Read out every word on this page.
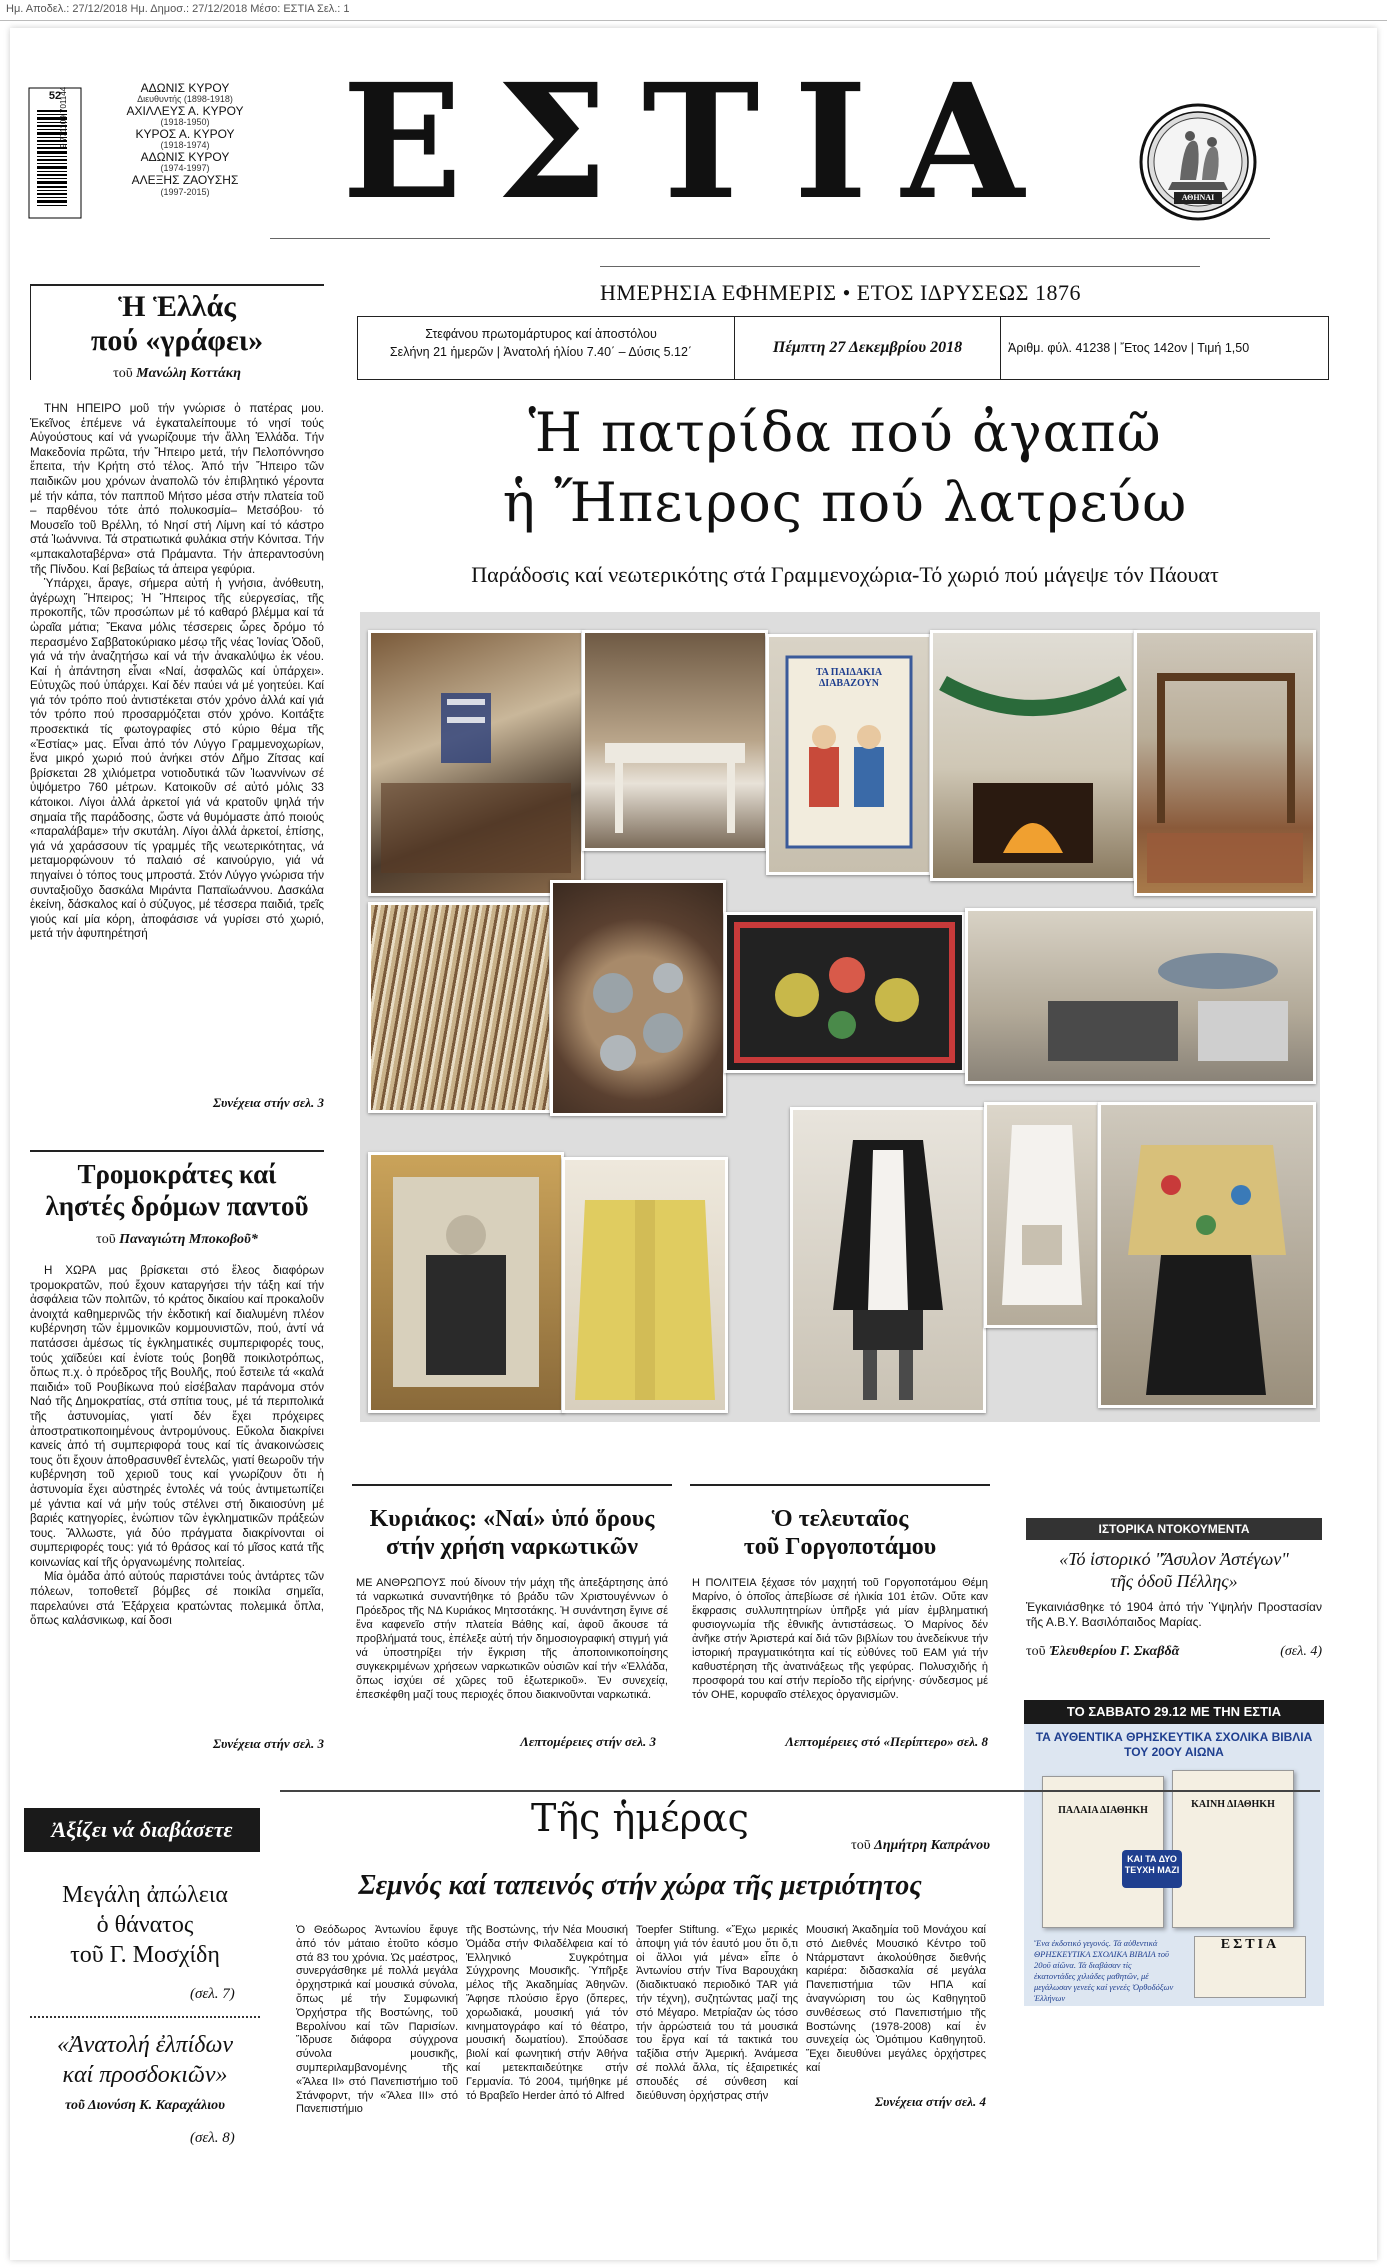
Ημ. Αποδελ.: 27/12/2018 Ημ. Δημοσ.: 27/12/2018 Μέσο: ΕΣΤΙΑ Σελ.: 1
52
9 771109 701144	ΑΔΩΝΙΣ ΚΥΡΟΥ
Διευθυντής (1898-1918)
ΑΧΙΛΛΕΥΣ Α. ΚΥΡΟΥ
(1918-1950)
ΚΥΡΟΣ Α. ΚΥΡΟΥ
(1918-1974)
ΑΔΩΝΙΣ ΚΥΡΟΥ
(1974-1997)
ΑΛΕΞΗΣ ΖΑΟΥΣΗΣ
(1997-2015) ΕΣΤΙΑ	ΑΘΗΝΑΙ
ΗΜΕΡΗΣΙΑ ΕΦΗΜΕΡΙΣ • ΕΤΟΣ ΙΔΡΥΣΕΩΣ 1876
Στεφάνου πρωτομάρτυρος καί ἀποστόλου
Σελήνη 21 ἡμερῶν | Ἀνατολή ἡλίου 7.40΄ – Δύσις 5.12΄	Πέμπτη 27 Δεκεμβρίου 2018	Ἀριθμ. φύλ. 41238 | Ἔτος 142ον | Τιμή 1,50
Ἡ πατρίδα πού ἀγαπῶ
ἡ Ἤπειρος πού λατρεύω
Παράδοσις καί νεωτερικότης στά Γραμμενοχώρια-Τό χωριό πού μάγεψε τόν Πάουατ
ΤΑ ΠΑΙΔΑΚΙΑ ΔΙΑΒΑΖΟΥΝ
Ἡ Ἑλλάς
πού «γράφει»
τοῦ Μανώλη Κοττάκη

ΤΗΝ ΗΠΕΙΡΟ μοῦ τήν γνώρισε ὁ πατέρας μου. Ἐκεῖνος ἐπέμενε νά ἐγκαταλείπουμε τό νησί τούς Αὐγούστους καί νά γνωρίζουμε τήν ἄλλη Ἑλλάδα. Τήν Μακεδονία πρῶτα, τήν Ἤπειρο μετά, τήν Πελοπόννησο ἔπειτα, τήν Κρήτη στό τέλος. Ἀπό τήν Ἤπειρο τῶν παιδικῶν μου χρόνων ἀναπολῶ τόν ἐπιβλητικό γέροντα μέ τήν κάπα, τόν παπποῦ Μήτσο μέσα στήν πλατεία τοῦ – παρθένου τότε ἀπό πολυκοσμία– Μετσόβου· τό Μουσεῖο τοῦ Βρέλλη, τό Νησί στή Λίμνη καί τό κάστρο στά Ἰωάννινα. Τά στρατιωτικά φυλάκια στήν Κόνιτσα. Τήν «μπακαλοταβέρνα» στά Πράμαντα. Τήν ἀπεραντοσύνη τῆς Πίνδου. Καί βεβαίως τά ἀπειρα γεφύρια.

Ὑπάρχει, ἄραγε, σήμερα αὐτή ἡ γνήσια, ἀνόθευτη, ἀγέρωχη Ἤπειρος; Ἡ Ἤπειρος τῆς εὐεργεσίας, τῆς προκοπῆς, τῶν προσώπων μέ τό καθαρό βλέμμα καί τά ὡραῖα μάτια; Ἔκανα μόλις τέσσερεις ὧρες δρόμο τό περασμένο Σαββατοκύριακο μέσῳ τῆς νέας Ἰονίας Ὁδοῦ, γιά νά τήν ἀναζητήσω καί νά τήν ἀνακαλύψω ἐκ νέου. Καί ἡ ἀπάντηση εἶναι «Ναί, ἀσφαλῶς καί ὑπάρχει». Εὐτυχῶς πού ὑπάρχει. Καί δέν παύει νά μέ γοητεύει. Καί γιά τόν τρόπο πού ἀντιστέκεται στόν χρόνο ἀλλά καί γιά τόν τρόπο πού προσαρμόζεται στόν χρόνο. Κοιτάξτε προσεκτικά τίς φωτογραφίες στό κύριο θέμα τῆς «Ἑστίας» μας. Εἶναι ἀπό τόν Λύγγο Γραμμενοχωρίων, ἕνα μικρό χωριό πού ἀνήκει στόν Δῆμο Ζίτσας καί βρίσκεται 28 χιλιόμετρα νοτιοδυτικά τῶν Ἰωαννίνων σέ ὑψόμετρο 760 μέτρων. Κατοικοῦν σέ αὐτό μόλις 33 κάτοικοι. Λίγοι ἀλλά ἀρκετοί γιά νά κρατοῦν ψηλά τήν σημαία τῆς παράδοσης, ὥστε νά θυμόμαστε ἀπό ποιούς «παραλάβαμε» τήν σκυτάλη. Λίγοι ἀλλά ἀρκετοί, ἐπίσης, γιά νά χαράσσουν τίς γραμμές τῆς νεωτερικότητας, νά μεταμορφώνουν τό παλαιό σέ καινούργιο, γιά νά πηγαίνει ὁ τόπος τους μπροστά. Στόν Λύγγο γνώρισα τήν συνταξιοῦχο δασκάλα Μιράντα Παπαϊωάννου. Δασκάλα ἐκείνη, δάσκαλος καί ὁ σύζυγος, μέ τέσσερα παιδιά, τρεῖς γιούς καί μία κόρη, ἀποφάσισε νά γυρίσει στό χωριό, μετά τήν ἀφυπηρέτησή

Συνέχεια στήν σελ. 3
Τρομοκράτες καί
ληστές δρόμων παντοῦ
τοῦ Παναγιώτη Μποκοβοῦ*

Η ΧΩΡΑ μας βρίσκεται στό ἔλεος διαφόρων τρομοκρατῶν, πού ἔχουν καταργήσει τήν τάξη καί τήν ἀσφάλεια τῶν πολιτῶν, τό κράτος δικαίου καί προκαλοῦν ἀνοιχτά καθημερινῶς τήν ἐκδοτική καί διαλυμένη πλέον κυβέρνηση τῶν ἐμμονικῶν κομμουνιστῶν, πού, ἀντί νά πατάσσει ἀμέσως τίς ἐγκληματικές συμπεριφορές τους, τούς χαϊδεύει καί ἐνίοτε τούς βοηθᾶ ποικιλοτρόπως, ὅπως π.χ. ὁ πρόεδρος τῆς Βουλῆς, πού ἔστειλε τά «καλά παιδιά» τοῦ Ρουβίκωνα πού εἰσέβαλαν παράνομα στόν Ναό τῆς Δημοκρατίας, στά σπίτια τους, μέ τά περιπολικά τῆς ἀστυνομίας, γιατί δέν ἔχει πρόχειρες ἀποστρατικοποιημένους ἀντρομύνους. Εὔκολα διακρίνει κανείς ἀπό τή συμπεριφορά τους καί τίς ἀνακοινώσεις τους ὅτι ἔχουν ἀποθρασυνθεῖ ἐντελῶς, γιατί θεωροῦν τήν κυβέρνηση τοῦ χεριοῦ τους καί γνωρίζουν ὅτι ἡ ἀστυνομία ἔχει αὐστηρές ἐντολές νά τούς ἀντιμετωπίζει μέ γάντια καί νά μήν τούς στέλνει στή δικαιοσύνη μέ βαριές κατηγορίες, ἐνώπιον τῶν ἐγκληματικῶν πράξεών τους. Ἄλλωστε, γιά δύο πράγματα διακρίνονται οἱ συμπεριφορές τους: γιά τό θράσος καί τό μῖσος κατά τῆς κοινωνίας καί τῆς ὀργανωμένης πολιτείας.

Μία ὁμάδα ἀπό αὐτούς παριστάνει τούς ἀντάρτες τῶν πόλεων, τοποθετεῖ βόμβες σέ ποικίλα σημεῖα, παρελαύνει στά Ἐξάρχεια κρατώντας πολεμικά ὅπλα, ὅπως καλάσνικωφ, καί δοσι

Συνέχεια στήν σελ. 3
Κυριάκος: «Ναί» ὑπό ὅρους στήν χρήση ναρκωτικῶν
ΜΕ ΑΝΘΡΩΠΟΥΣ πού δίνουν τήν μάχη τῆς ἀπεξάρτησης ἀπό τά ναρκωτικά συναντήθηκε τό βράδυ τῶν Χριστουγέννων ὁ Πρόεδρος τῆς ΝΔ Κυριάκος Μητσοτάκης. Ἡ συνάντηση ἔγινε σέ ἕνα καφενεῖο στήν πλατεία Βάθης καί, ἀφοῦ ἄκουσε τά προβλήματά τους, ἐπέλεξε αὐτή τήν δημοσιογραφική στιγμή γιά νά ὑποστηρίξει τήν ἔγκριση τῆς ἀποποινικοποίησης συγκεκριμένων χρήσεων ναρκωτικῶν οὐσιῶν καί τήν «Ἑλλάδα, ὅπως ἰσχύει σέ χῶρες τοῦ ἐξωτερικοῦ». Ἐν συνεχείᾳ, ἐπεσκέφθη μαζί τους περιοχές ὅπου διακινοῦνται ναρκωτικά.
Λεπτομέρειες στήν σελ. 3
Ὁ τελευταῖος
τοῦ Γοργοποτάμου
Η ΠΟΛΙΤΕΙΑ ξέχασε τόν μαχητή τοῦ Γοργοποτάμου Θέμη Μαρίνο, ὁ ὁποῖος ἀπεβίωσε σέ ἡλικία 101 ἐτῶν. Οὔτε καν ἔκφρασις συλλυπητηρίων ὑπῆρξε γιά μίαν ἐμβληματική φυσιογνωμία τῆς ἐθνικῆς ἀντιστάσεως. Ὁ Μαρίνος δέν ἀνῆκε στήν Ἀριστερά καί διά τῶν βιβλίων του ἀνεδείκνυε τήν ἱστορική πραγματικότητα καί τίς εὐθύνες τοῦ ΕΑΜ γιά τήν καθυστέρηση τῆς ἀνατινάξεως τῆς γεφύρας. Πολυσχιδής ἡ προσφορά του καί στήν περίοδο τῆς εἰρήνης· σύνδεσμος μέ τόν ΟΗΕ, κορυφαῖο στέλεχος ὀργανισμῶν.
Λεπτομέρειες στό «Περίπτερο» σελ. 8
ΙΣΤΟΡΙΚΑ ΝΤΟΚΟΥΜΕΝΤΑ
«Τό ἱστορικό "Ἄσυλον Ἀστέγων"
τῆς ὁδοῦ Πέλλης»
Ἐγκαινιάσθηκε τό 1904 ἀπό τήν Ὑψηλήν Προστασίαν τῆς Α.Β.Υ. Βασιλόπαιδος Μαρίας.
τοῦ Ἐλευθερίου Γ. Σκαβδᾶ	(σελ. 4)
ΤΟ ΣΑΒΒΑΤΟ 29.12 ΜΕ ΤΗΝ ΕΣΤΙΑ
ΤΑ ΑΥΘΕΝΤΙΚΑ ΘΡΗΣΚΕΥΤΙΚΑ ΣΧΟΛΙΚΑ ΒΙΒΛΙΑ ΤΟΥ 20ΟΥ ΑΙΩΝΑ
ΠΑΛΑΙΑ ΔΙΑΘΗΚΗ
ΚΑΙΝΗ ΔΙΑΘΗΚΗ
ΚΑΙ ΤΑ ΔΥΟ ΤΕΥΧΗ ΜΑΖΙ
Ἕνα ἐκδοτικό γεγονός. Τά αὐθεντικά ΘΡΗΣΚΕΥΤΙΚΑ ΣΧΟΛΙΚΑ ΒΙΒΛΙΑ τοῦ 20οῦ αἰῶνα. Τά διαβάσαν τίς ἑκατοντάδες χιλιάδες μαθητῶν, μέ μεγάλωσαν γενεές καί γενεές Ὀρθοδόξων Ἑλλήνων
ΕΣΤΙΑ
Ἀξίζει νά διαβάσετε
Μεγάλη ἀπώλεια
ὁ θάνατος
τοῦ Γ. Μοσχίδη
(σελ. 7)
«Ἀνατολή ἐλπίδων
καί προσδοκιῶν»
τοῦ Διονύση Κ. Καραχάλιου
(σελ. 8)
Τῆς ἡμέρας
τοῦ Δημήτρη Καπράνου
Σεμνός καί ταπεινός στήν χώρα τῆς μετριότητος
Ὁ Θεόδωρος Ἀντωνίου ἔφυγε ἀπό τόν μάταιο ἐτοῦτο κόσμο στά 83 του χρόνια. Ὡς μαέστρος, συνεργάσθηκε μέ πολλά μεγάλα ὀρχηστρικά καί μουσικά σύνολα, ὅπως μέ τήν Συμφωνική Ὀρχήστρα τῆς Βοστώνης, τοῦ Βερολίνου καί τῶν Παρισίων. Ἵδρυσε διάφορα σύγχρονα σύνολα μουσικῆς, συμπεριλαμβανομένης τῆς «Ἄλεα II» στό Πανεπιστήμιο τοῦ Στάνφορντ, τήν «Ἄλεα III» στό Πανεπιστήμιο
τῆς Βοστώνης, τήν Νέα Μουσική Ὁμάδα στήν Φιλαδέλφεια καί τό Ἑλληνικό Συγκρότημα Σύγχρονης Μουσικῆς. Ὑπῆρξε μέλος τῆς Ἀκαδημίας Ἀθηνῶν. Ἄφησε πλούσιο ἔργο (ὄπερες, χορωδιακά, μουσική γιά τόν κινηματογράφο καί τό θέατρο, μουσική δωματίου). Σπούδασε βιολί καί φωνητική στήν Ἀθήνα καί μετεκπαιδεύτηκε στήν Γερμανία. Τό 2004, τιμήθηκε μέ τό Βραβεῖο Herder ἀπό τό Alfred
Toepfer Stiftung. «Ἔχω μερικές ἀποψη γιά τόν ἑαυτό μου ὅτι ὅ,τι οἱ ἄλλοι γιά μένα» εἶπε ὁ Ἀντωνίου στήν Τίνα Βαρουχάκη (διαδικτυακό περιοδικό TAR γιά τήν τέχνη), συζητώντας μαζί της στό Μέγαρο. Μετρίαζαν ὡς τόσο τήν ἀρρώστειά του τά μουσικά του ἔργα καί τά τακτικά του ταξίδια στήν Ἀμερική. Ἀνάμεσα σέ πολλά ἄλλα, τίς ἐξαιρετικές σπουδές σέ σύνθεση καί διεύθυνση ὀρχήστρας στήν
Μουσική Ἀκαδημία τοῦ Μονάχου καί στό Διεθνές Μουσικό Κέντρο τοῦ Ντάρμσταντ ἀκολούθησε διεθνής καριέρα: διδασκαλία σέ μεγάλα Πανεπιστήμια τῶν ΗΠΑ καί ἀναγνώριση του ὡς Καθηγητοῦ συνθέσεως στό Πανεπιστήμιο τῆς Βοστώνης (1978-2008) καί ἐν συνεχείᾳ ὡς Ὁμότιμου Καθηγητοῦ. Ἔχει διευθύνει μεγάλες ὀρχήστρες καί
Συνέχεια στήν σελ. 4
